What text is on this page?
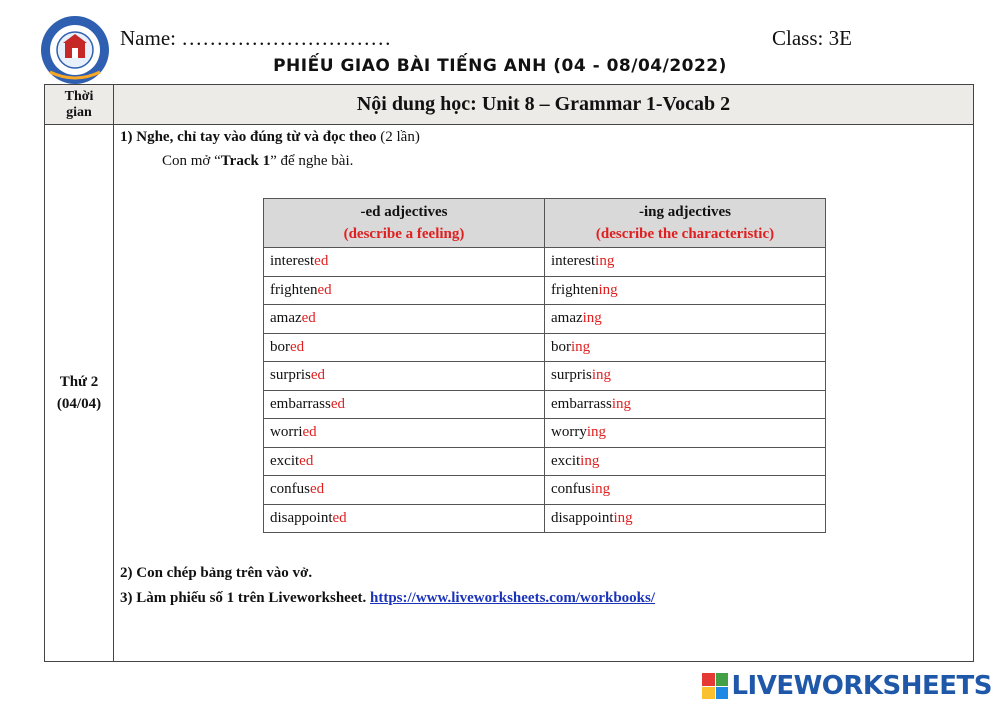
Name: …………………………	Class: 3E
PHIẾU GIAO BÀI TIẾNG ANH (04 - 08/04/2022)
Thời
gian	Nội dung học: Unit 8 – Grammar 1-Vocab 2

Thứ 2
(04/04)

1) Nghe, chỉ tay vào đúng từ và đọc theo (2 lần)
Con mở “Track 1” để nghe bài.
-ed adjectives
(describe a feeling)

-ing adjectives
(describe the characteristic)

interested	interesting
frightened	frightening
amazed	amazing
bored	boring
surprised	surprising
embarrassed	embarrassing
worried	worrying
excited	exciting
confused	confusing
disappointed	disappointing
2) Con chép bảng trên vào vở.
3) Làm phiếu số 1 trên Liveworksheet. https://www.liveworksheets.com/workbooks/
LIVEWORKSHEETS
